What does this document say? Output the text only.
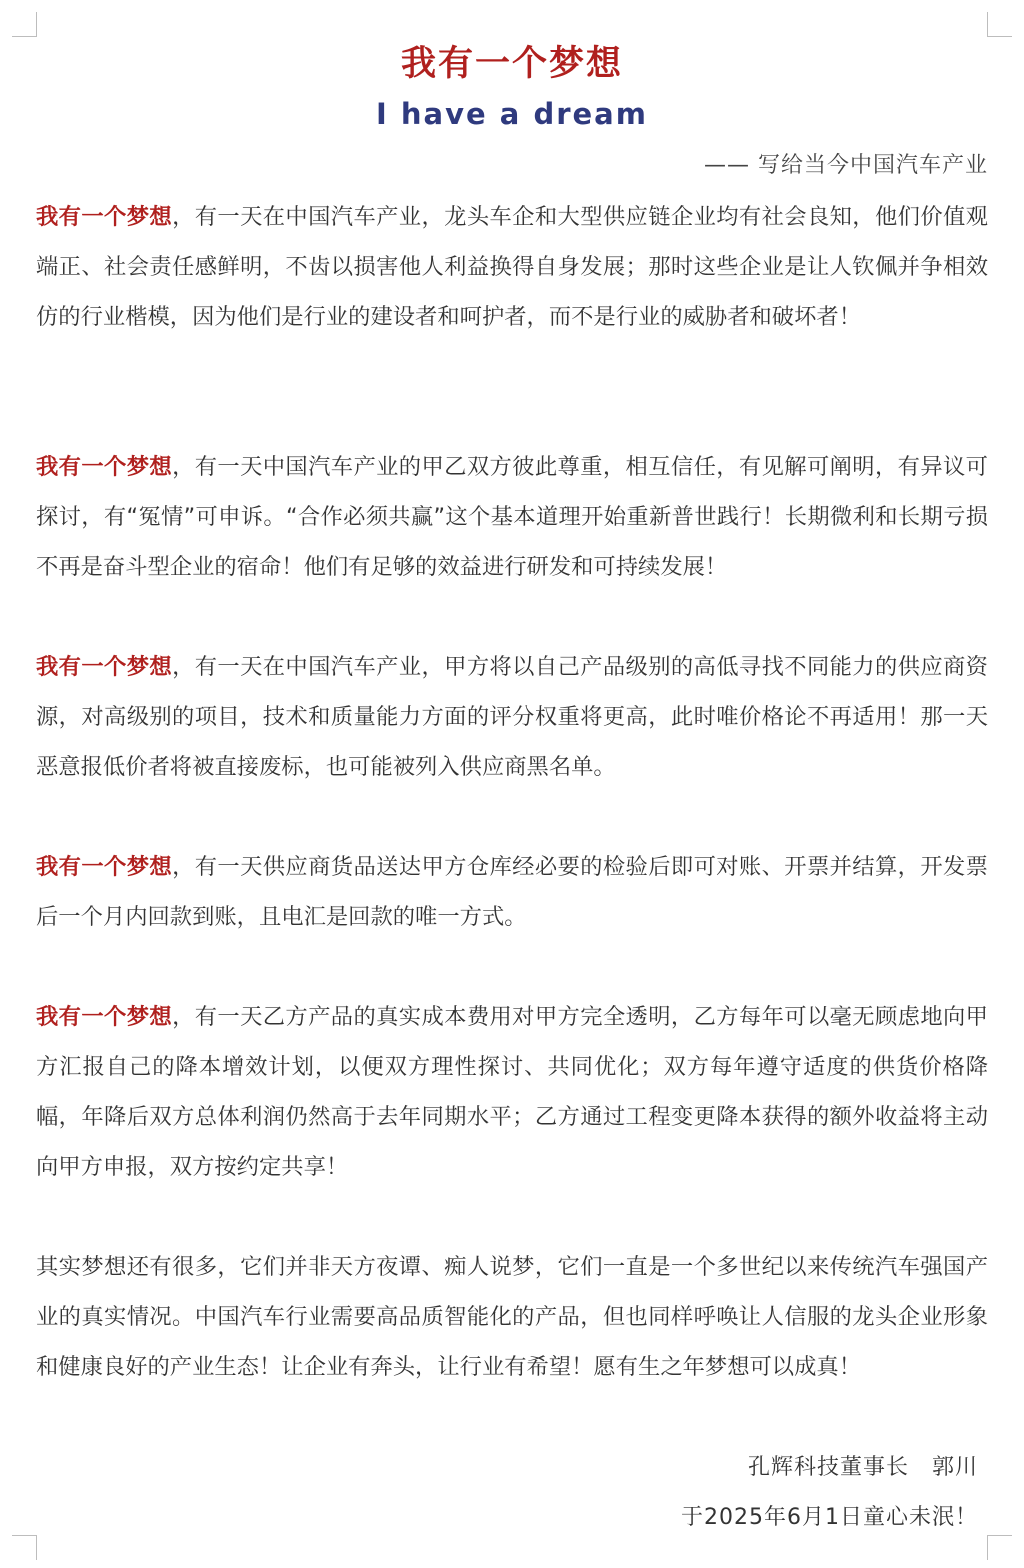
我有一个梦想
I have a dream
—— 写给当今中国汽车产业

我有一个梦想，有一天在中国汽车产业，龙头车企和大型供应链企业均有社会良知，他们价值观端正、社会责任感鲜明，不齿以损害他人利益换得自身发展；那时这些企业是让人钦佩并争相效仿的行业楷模，因为他们是行业的建设者和呵护者，而不是行业的威胁者和破坏者！

我有一个梦想，有一天中国汽车产业的甲乙双方彼此尊重，相互信任，有见解可阐明，有异议可探讨，有“冤情”可申诉。“合作必须共赢”这个基本道理开始重新普世践行！长期微利和长期亏损不再是奋斗型企业的宿命！他们有足够的效益进行研发和可持续发展！

我有一个梦想，有一天在中国汽车产业，甲方将以自己产品级别的高低寻找不同能力的供应商资源，对高级别的项目，技术和质量能力方面的评分权重将更高，此时唯价格论不再适用！那一天恶意报低价者将被直接废标，也可能被列入供应商黑名单。

我有一个梦想，有一天供应商货品送达甲方仓库经必要的检验后即可对账、开票并结算，开发票后一个月内回款到账，且电汇是回款的唯一方式。

我有一个梦想，有一天乙方产品的真实成本费用对甲方完全透明，乙方每年可以毫无顾虑地向甲方汇报自己的降本增效计划，以便双方理性探讨、共同优化；双方每年遵守适度的供货价格降幅，年降后双方总体利润仍然高于去年同期水平；乙方通过工程变更降本获得的额外收益将主动向甲方申报，双方按约定共享！

其实梦想还有很多，它们并非天方夜谭、痴人说梦，它们一直是一个多世纪以来传统汽车强国产业的真实情况。中国汽车行业需要高品质智能化的产品，但也同样呼唤让人信服的龙头企业形象和健康良好的产业生态！让企业有奔头，让行业有希望！愿有生之年梦想可以成真！

孔辉科技董事长　郭川
于2025年6月1日童心未泯！
